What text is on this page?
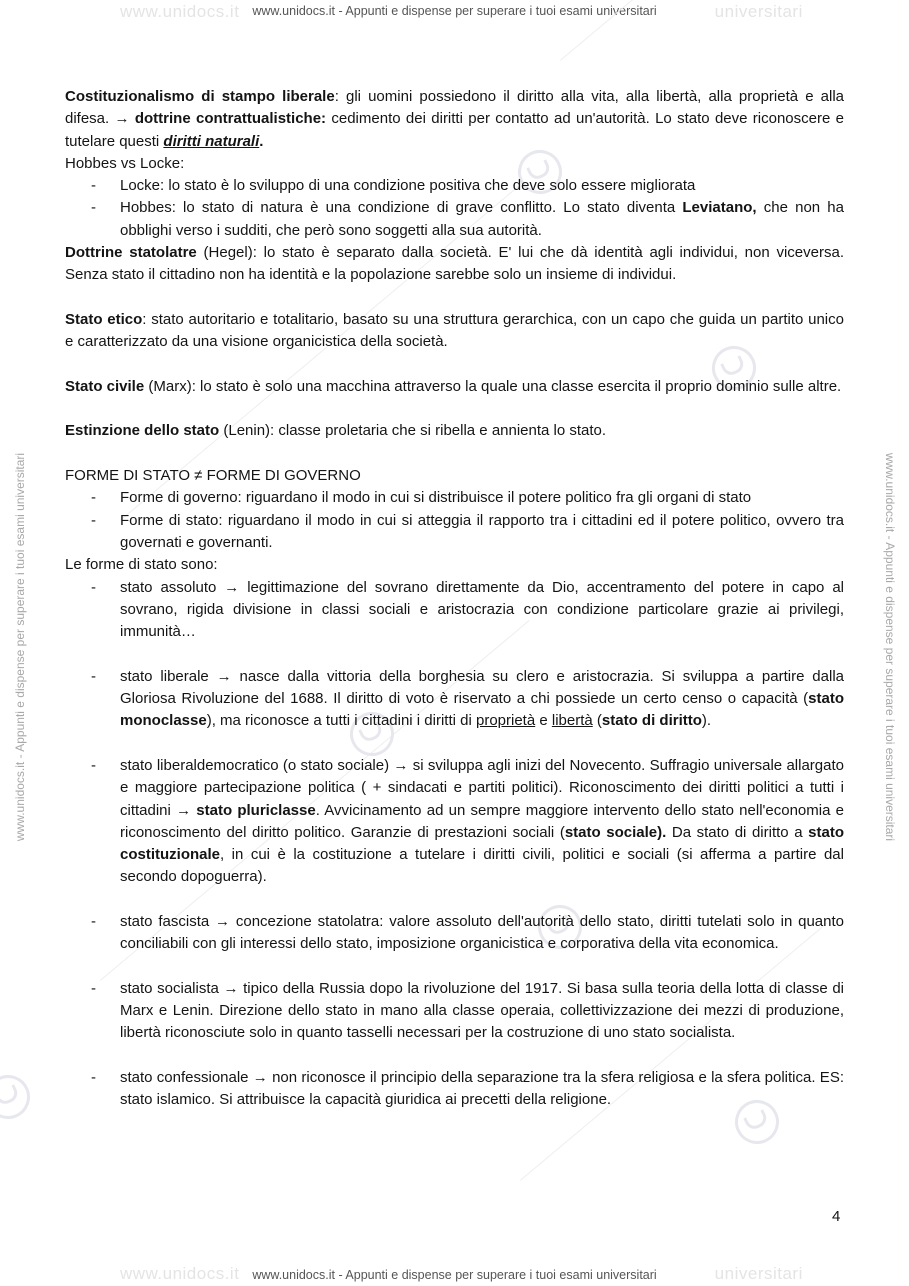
www.unidocs.it	universitari
www.unidocs.it - Appunti e dispense per superare i tuoi esami universitari
www.unidocs.it - Appunti e dispense per superare i tuoi esami universitari	www.unidocs.it - Appunti e dispense per superare i tuoi esami universitari

Costituzionalismo di stampo liberale: gli uomini possiedono il diritto alla vita, alla libertà, alla proprietà e alla difesa. → dottrine contrattualistiche: cedimento dei diritti per contatto ad un'autorità. Lo stato deve riconoscere e tutelare questi diritti naturali.

Hobbes vs Locke:

- Locke: lo stato è lo sviluppo di una condizione positiva che deve solo essere migliorata
- Hobbes: lo stato di natura è una condizione di grave conflitto. Lo stato diventa Leviatano, che non ha obblighi verso i sudditi, che però sono soggetti alla sua autorità.

Dottrine statolatre (Hegel): lo stato è separato dalla società. E' lui che dà identità agli individui, non viceversa. Senza stato il cittadino non ha identità e la popolazione sarebbe solo un insieme di individui.

Stato etico: stato autoritario e totalitario, basato su una struttura gerarchica, con un capo che guida un partito unico e caratterizzato da una visione organicistica della società.

Stato civile (Marx): lo stato è solo una macchina attraverso la quale una classe esercita il proprio dominio sulle altre.

Estinzione dello stato (Lenin): classe proletaria che si ribella e annienta lo stato.

FORME DI STATO ≠ FORME DI GOVERNO

- Forme di governo: riguardano il modo in cui si distribuisce il potere politico fra gli organi di stato
- Forme di stato: riguardano il modo in cui si atteggia il rapporto tra i cittadini ed il potere politico, ovvero tra governati e governanti.

Le forme di stato sono:

- stato assoluto → legittimazione del sovrano direttamente da Dio, accentramento del potere in capo al sovrano, rigida divisione in classi sociali e aristocrazia con condizione particolare grazie ai privilegi, immunità…
- stato liberale → nasce dalla vittoria della borghesia su clero e aristocrazia. Si sviluppa a partire dalla Gloriosa Rivoluzione del 1688. Il diritto di voto è riservato a chi possiede un certo censo o capacità (stato monoclasse), ma riconosce a tutti i cittadini i diritti di proprietà e libertà (stato di diritto).
- stato liberaldemocratico (o stato sociale) → si sviluppa agli inizi del Novecento. Suffragio universale allargato e maggiore partecipazione politica ( + sindacati e partiti politici). Riconoscimento dei diritti politici a tutti i cittadini → stato pluriclasse. Avvicinamento ad un sempre maggiore intervento dello stato nell'economia e riconoscimento del diritto politico. Garanzie di prestazioni sociali (stato sociale). Da stato di diritto a stato costituzionale, in cui è la costituzione a tutelare i diritti civili, politici e sociali (si afferma a partire dal secondo dopoguerra).
- stato fascista → concezione statolatra: valore assoluto dell'autorità dello stato, diritti tutelati solo in quanto conciliabili con gli interessi dello stato, imposizione organicistica e corporativa della vita economica.
- stato socialista → tipico della Russia dopo la rivoluzione del 1917. Si basa sulla teoria della lotta di classe di Marx e Lenin. Direzione dello stato in mano alla classe operaia, collettivizzazione dei mezzi di produzione, libertà riconosciute solo in quanto tasselli necessari per la costruzione di uno stato socialista.
- stato confessionale → non riconosce il principio della separazione tra la sfera religiosa e la sfera politica. ES: stato islamico. Si attribuisce la capacità giuridica ai precetti della religione.
4
www.unidocs.it	universitari
www.unidocs.it - Appunti e dispense per superare i tuoi esami universitari
